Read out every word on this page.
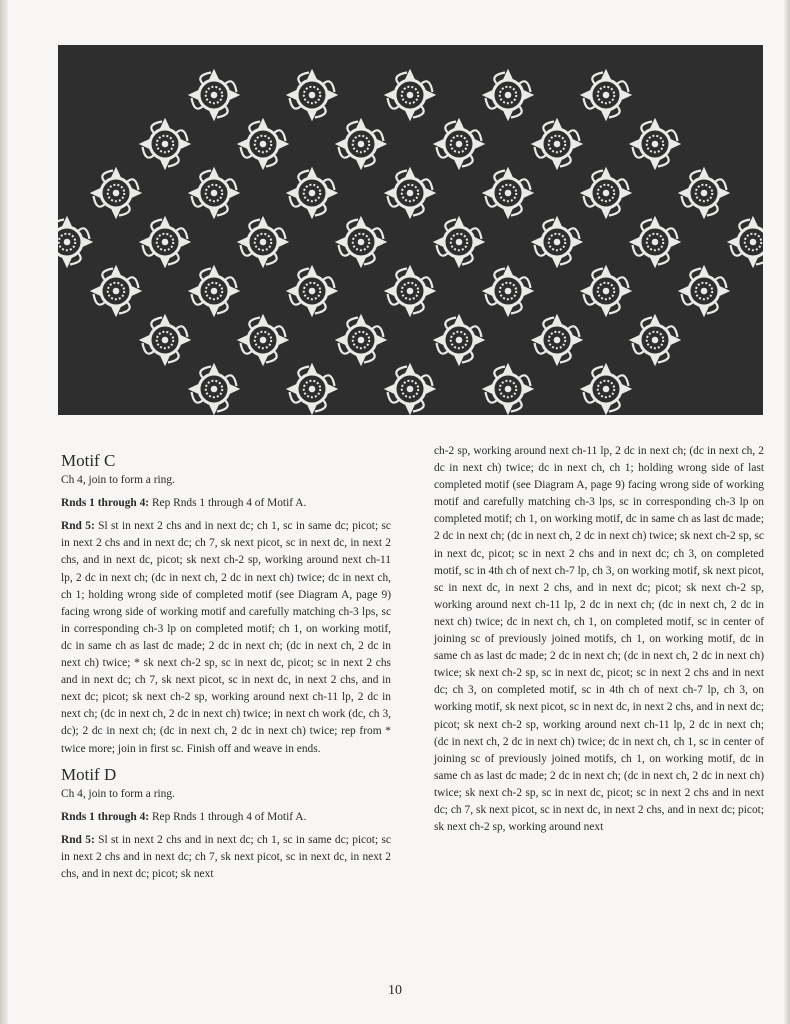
Motif C

Ch 4, join to form a ring.

Rnds 1 through 4: Rep Rnds 1 through 4 of Motif A.

Rnd 5: Sl st in next 2 chs and in next dc; ch 1, sc in same dc; picot; sc in next 2 chs and in next dc; ch 7, sk next picot, sc in next dc, in next 2 chs, and in next dc, picot; sk next ch-2 sp, working around next ch-11 lp, 2 dc in next ch; (dc in next ch, 2 dc in next ch) twice; dc in next ch, ch 1; holding wrong side of completed motif (see Diagram A, page 9) facing wrong side of working motif and carefully matching ch-3 lps, sc in corresponding ch-3 lp on completed motif; ch 1, on working motif, dc in same ch as last dc made; 2 dc in next ch; (dc in next ch, 2 dc in next ch) twice; * sk next ch-2 sp, sc in next dc, picot; sc in next 2 chs and in next dc; ch 7, sk next picot, sc in next dc, in next 2 chs, and in next dc; picot; sk next ch-2 sp, working around next ch-11 lp, 2 dc in next ch; (dc in next ch, 2 dc in next ch) twice; in next ch work (dc, ch 3, dc); 2 dc in next ch; (dc in next ch, 2 dc in next ch) twice; rep from * twice more; join in first sc. Finish off and weave in ends.

Motif D

Ch 4, join to form a ring.

Rnds 1 through 4: Rep Rnds 1 through 4 of Motif A.

Rnd 5: Sl st in next 2 chs and in next dc; ch 1, sc in same dc; picot; sc in next 2 chs and in next dc; ch 7, sk next picot, sc in next dc, in next 2 chs, and in next dc; picot; sk next

ch-2 sp, working around next ch-11 lp, 2 dc in next ch; (dc in next ch, 2 dc in next ch) twice; dc in next ch, ch 1; holding wrong side of last completed motif (see Diagram A, page 9) facing wrong side of working motif and carefully matching ch-3 lps, sc in corresponding ch-3 lp on completed motif; ch 1, on working motif, dc in same ch as last dc made; 2 dc in next ch; (dc in next ch, 2 dc in next ch) twice; sk next ch-2 sp, sc in next dc, picot; sc in next 2 chs and in next dc; ch 3, on completed motif, sc in 4th ch of next ch-7 lp, ch 3, on working motif, sk next picot, sc in next dc, in next 2 chs, and in next dc; picot; sk next ch-2 sp, working around next ch-11 lp, 2 dc in next ch; (dc in next ch, 2 dc in next ch) twice; dc in next ch, ch 1, on completed motif, sc in center of joining sc of previously joined motifs, ch 1, on working motif, dc in same ch as last dc made; 2 dc in next ch; (dc in next ch, 2 dc in next ch) twice; sk next ch-2 sp, sc in next dc, picot; sc in next 2 chs and in next dc; ch 3, on completed motif, sc in 4th ch of next ch-7 lp, ch 3, on working motif, sk next picot, sc in next dc, in next 2 chs, and in next dc; picot; sk next ch-2 sp, working around next ch-11 lp, 2 dc in next ch; (dc in next ch, 2 dc in next ch) twice; dc in next ch, ch 1, sc in center of joining sc of previously joined motifs, ch 1, on working motif, dc in same ch as last dc made; 2 dc in next ch; (dc in next ch, 2 dc in next ch) twice; sk next ch-2 sp, sc in next dc, picot; sc in next 2 chs and in next dc; ch 7, sk next picot, sc in next dc, in next 2 chs, and in next dc; picot; sk next ch-2 sp, working around next

10
